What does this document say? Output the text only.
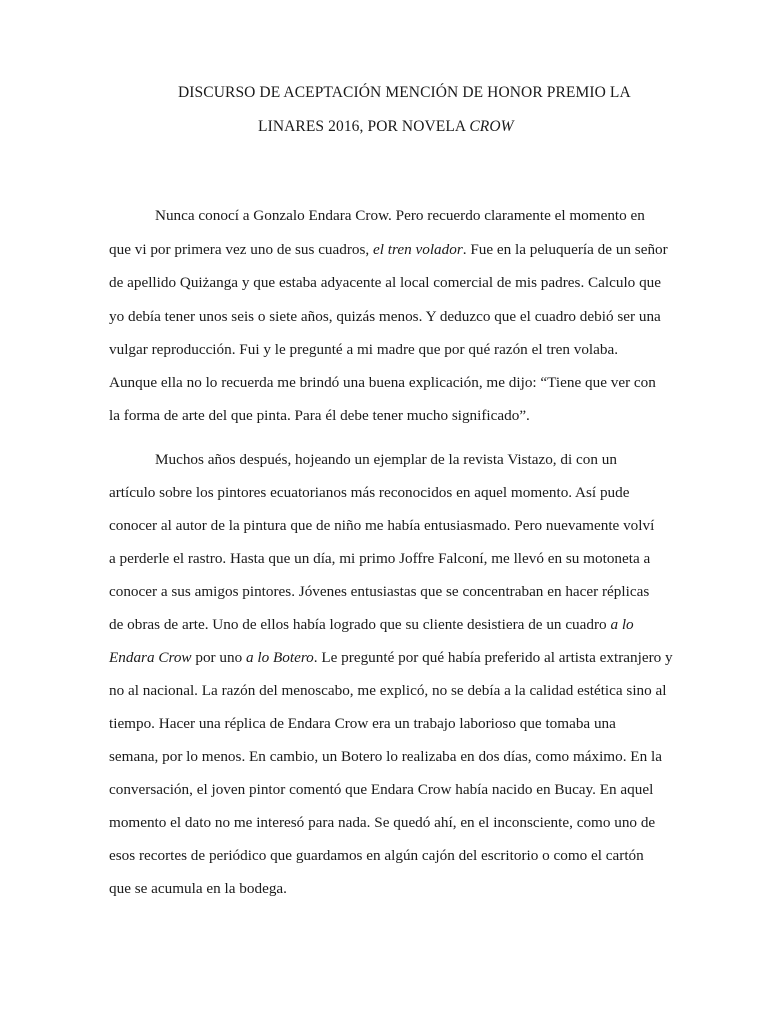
DISCURSO DE ACEPTACIÓN MENCIÓN DE HONOR PREMIO LA
LINARES 2016, POR NOVELA CROW
Nunca conocí a Gonzalo Endara Crow. Pero recuerdo claramente el momento en
que vi por primera vez uno de sus cuadros, el tren volador. Fue en la peluquería de un señor
de apellido Quiżanga y que estaba adyacente al local comercial de mis padres. Calculo que
yo debía tener unos seis o siete años, quizás menos. Y deduzco que el cuadro debió ser una
vulgar reproducción. Fui y le pregunté a mi madre que por qué razón el tren volaba.
Aunque ella no lo recuerda me brindó una buena explicación, me dijo: “Tiene que ver con
la forma de arte del que pinta. Para él debe tener mucho significado”.
Muchos años después, hojeando un ejemplar de la revista Vistazo, di con un
artículo sobre los pintores ecuatorianos más reconocidos en aquel momento. Así pude
conocer al autor de la pintura que de niño me había entusiasmado. Pero nuevamente volví
a perderle el rastro. Hasta que un día, mi primo Joffre Falconí, me llevó en su motoneta a
conocer a sus amigos pintores. Jóvenes entusiastas que se concentraban en hacer réplicas
de obras de arte. Uno de ellos había logrado que su cliente desistiera de un cuadro a lo
Endara Crow por uno a lo Botero. Le pregunté por qué había preferido al artista extranjero y
no al nacional. La razón del menoscabo, me explicó, no se debía a la calidad estética sino al
tiempo. Hacer una réplica de Endara Crow era un trabajo laborioso que tomaba una
semana, por lo menos. En cambio, un Botero lo realizaba en dos días, como máximo. En la
conversación, el joven pintor comentó que Endara Crow había nacido en Bucay. En aquel
momento el dato no me interesó para nada. Se quedó ahí, en el inconsciente, como uno de
esos recortes de periódico que guardamos en algún cajón del escritorio o como el cartón
que se acumula en la bodega.
